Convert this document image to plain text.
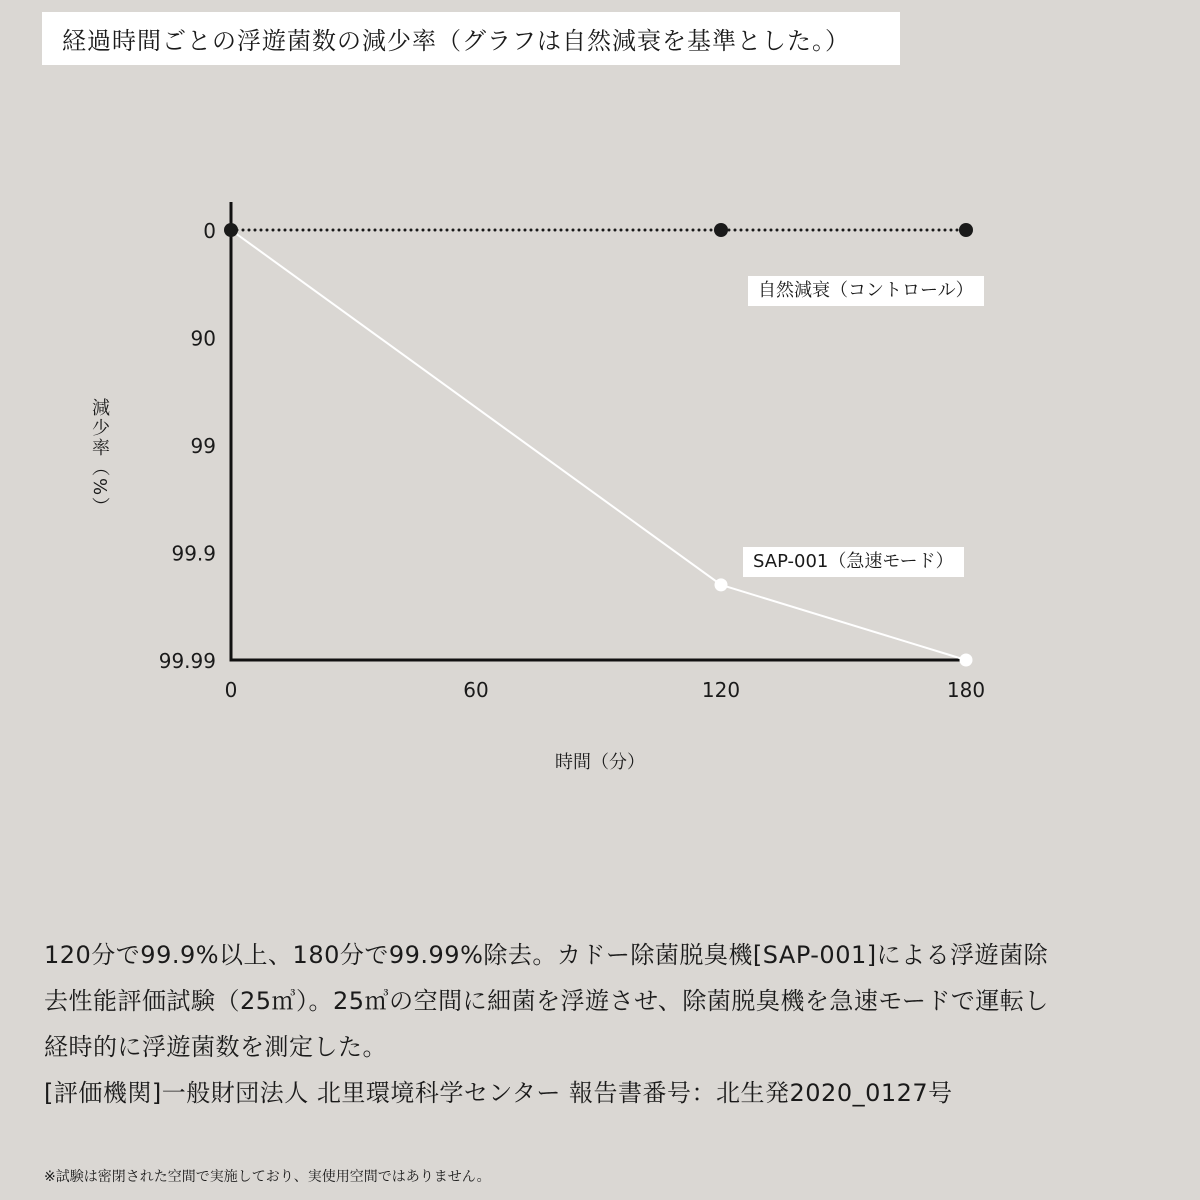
経過時間ごとの浮遊菌数の減少率（グラフは自然減衰を基準とした。）
0
90
99
99.9
99.99
0	60	120	180
減少率（%）
時間（分）
自然減衰（コントロール）
SAP-001（急速モード）

120分で99.9%以上、180分で99.99%除去。カドー除菌脱臭機[SAP-001]による浮遊菌除

去性能評価試験（25㎥）。25㎥の空間に細菌を浮遊させ、除菌脱臭機を急速モードで運転し

経時的に浮遊菌数を測定した。

[評価機関]一般財団法人 北里環境科学センター 報告書番号：北生発2020_0127号

※試験は密閉された空間で実施しており、実使用空間ではありません。
